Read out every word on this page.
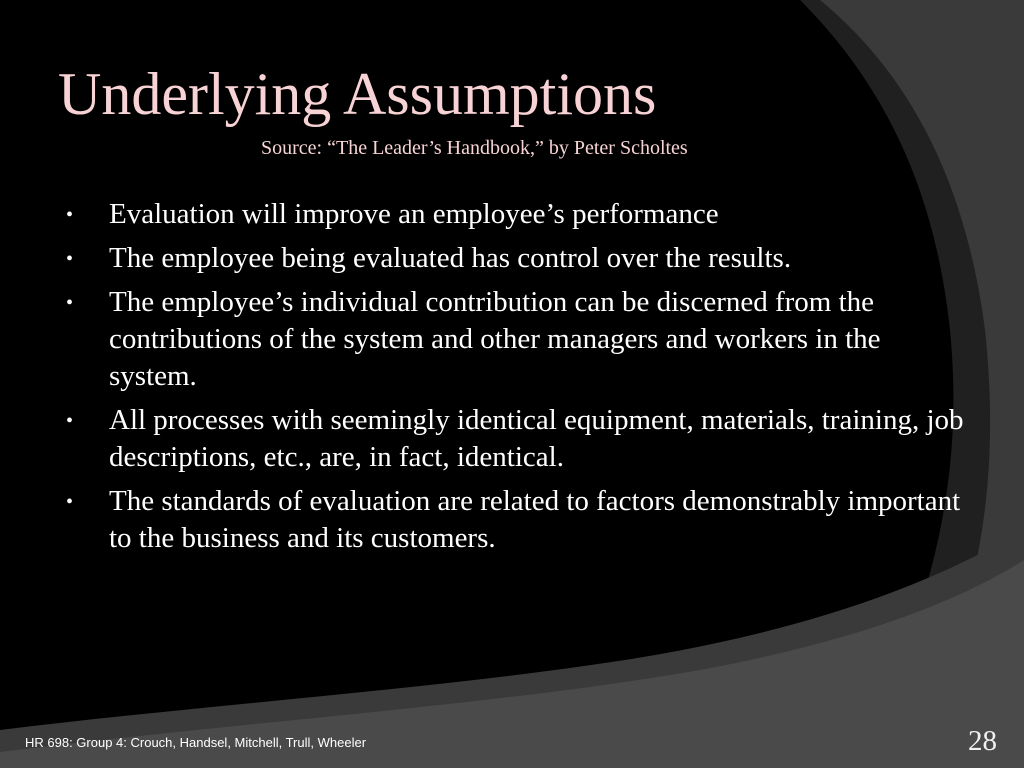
Underlying Assumptions
Source: “The Leader’s Handbook,” by Peter Scholtes
• Evaluation will improve an employee’s performance
• The employee being evaluated has control over the results.
• The employee’s individual contribution can be discerned from the contributions of the system and other managers and workers in the system.
• All processes with seemingly identical equipment, materials, training, job descriptions, etc., are, in fact, identical.
• The standards of evaluation are related to factors demonstrably important to the business and its customers.
HR 698: Group 4: Crouch, Handsel, Mitchell, Trull, Wheeler	28
